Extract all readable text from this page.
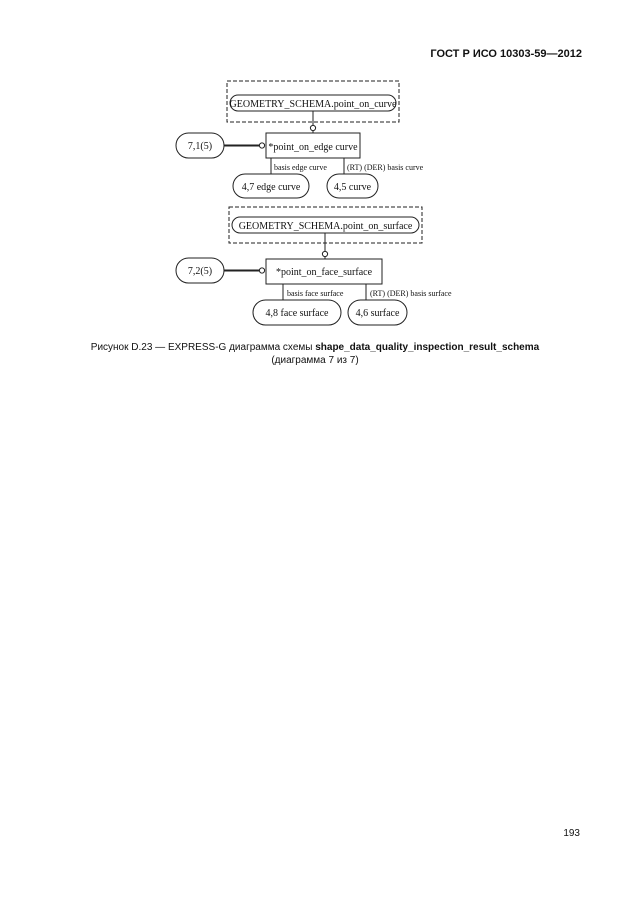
ГОСТ Р ИСО 10303-59—2012
GEOMETRY_SCHEMA.point_on_curve
*point_on_edge curve
7,1(5)
basis edge curve	(RT) (DER) basis curve
4,7 edge curve	4,5 curve
GEOMETRY_SCHEMA.point_on_surface
*point_on_face_surface
7,2(5)
basis face surface	(RT) (DER) basis surface
4,8 face surface	4,6 surface
Рисунок D.23 — EXPRESS-G диаграмма схемы shape_data_quality_inspection_result_schema
(диаграмма 7 из 7)
193
